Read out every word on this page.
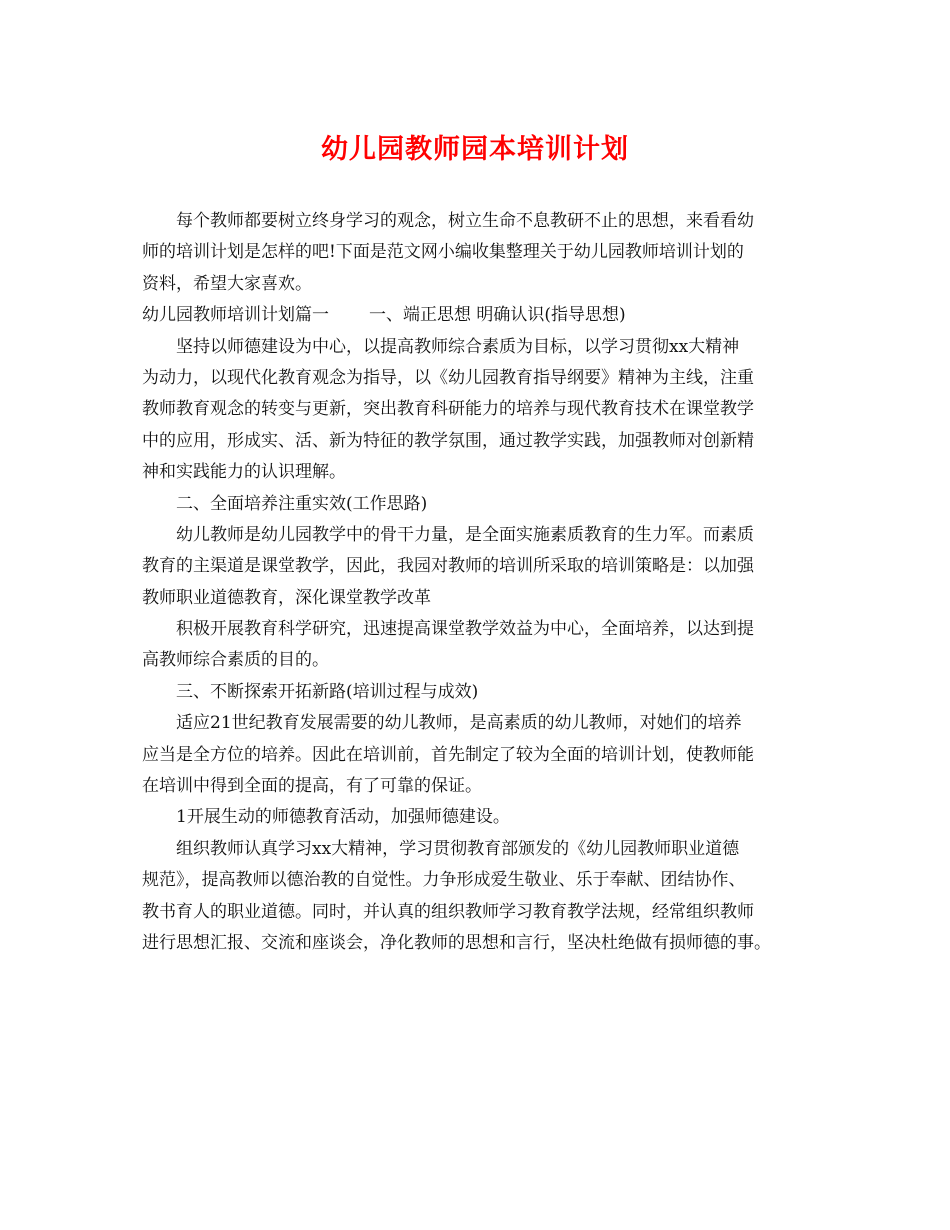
幼儿园教师园本培训计划
每个教师都要树立终身学习的观念，树立生命不息教研不止的思想，来看看幼
师的培训计划是怎样的吧!下面是范文网小编收集整理关于幼儿园教师培训计划的
资料，希望大家喜欢。
幼儿园教师培训计划篇一 一、端正思想 明确认识(指导思想)
坚持以师德建设为中心，以提高教师综合素质为目标，以学习贯彻xx大精神
为动力，以现代化教育观念为指导，以《幼儿园教育指导纲要》精神为主线，注重
教师教育观念的转变与更新，突出教育科研能力的培养与现代教育技术在课堂教学
中的应用，形成实、活、新为特征的教学氛围，通过教学实践，加强教师对创新精
神和实践能力的认识理解。
二、全面培养注重实效(工作思路)
幼儿教师是幼儿园教学中的骨干力量，是全面实施素质教育的生力军。而素质
教育的主渠道是课堂教学，因此，我园对教师的培训所采取的培训策略是：以加强
教师职业道德教育，深化课堂教学改革
积极开展教育科学研究，迅速提高课堂教学效益为中心，全面培养，以达到提
高教师综合素质的目的。
三、不断探索开拓新路(培训过程与成效)
适应21世纪教育发展需要的幼儿教师，是高素质的幼儿教师，对她们的培养
应当是全方位的培养。因此在培训前，首先制定了较为全面的培训计划，使教师能
在培训中得到全面的提高，有了可靠的保证。
1开展生动的师德教育活动，加强师德建设。
组织教师认真学习xx大精神，学习贯彻教育部颁发的《幼儿园教师职业道德
规范》，提高教师以德治教的自觉性。力争形成爱生敬业、乐于奉献、团结协作、
教书育人的职业道德。同时，并认真的组织教师学习教育教学法规，经常组织教师
进行思想汇报、交流和座谈会，净化教师的思想和言行，坚决杜绝做有损师德的事。
